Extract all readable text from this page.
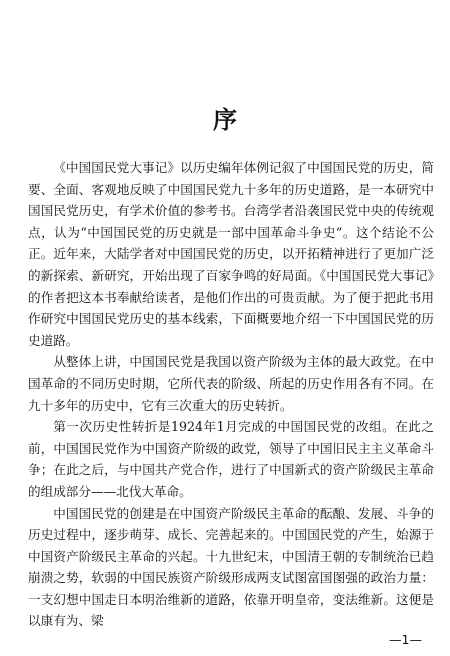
序

《中国国民党大事记》以历史编年体例记叙了中国国民党的历史，简要、全面、客观地反映了中国国民党九十多年的历史道路，是一本研究中国国民党历史，有学术价值的参考书。台湾学者沿袭国民党中央的传统观点，认为“中国国民党的历史就是一部中国革命斗争史”。这个结论不公正。近年来，大陆学者对中国国民党的历史，以开拓精神进行了更加广泛的新探索、新研究，开始出现了百家争鸣的好局面。《中国国民党大事记》的作者把这本书奉献给读者，是他们作出的可贵贡献。为了便于把此书用作研究中国国民党历史的基本线索，下面概要地介绍一下中国国民党的历史道路。

从整体上讲，中国国民党是我国以资产阶级为主体的最大政党。在中国革命的不同历史时期，它所代表的阶级、所起的历史作用各有不同。在九十多年的历史中，它有三次重大的历史转折。

第一次历史性转折是1924年1月完成的中国国民党的改组。在此之前，中国国民党作为中国资产阶级的政党，领导了中国旧民主主义革命斗争；在此之后，与中国共产党合作，进行了中国新式的资产阶级民主革命的组成部分——北伐大革命。

中国国民党的创建是在中国资产阶级民主革命的酝酿、发展、斗争的历史过程中，逐步萌芽、成长、完善起来的。中国国民党的产生，始源于中国资产阶级民主革命的兴起。十九世纪末，中国清王朝的专制统治已趋崩溃之势，软弱的中国民族资产阶级形成两支试图富国图强的政治力量：一支幻想中国走日本明治维新的道路，依靠开明皇帝，变法维新。这便是以康有为、梁

—1—
